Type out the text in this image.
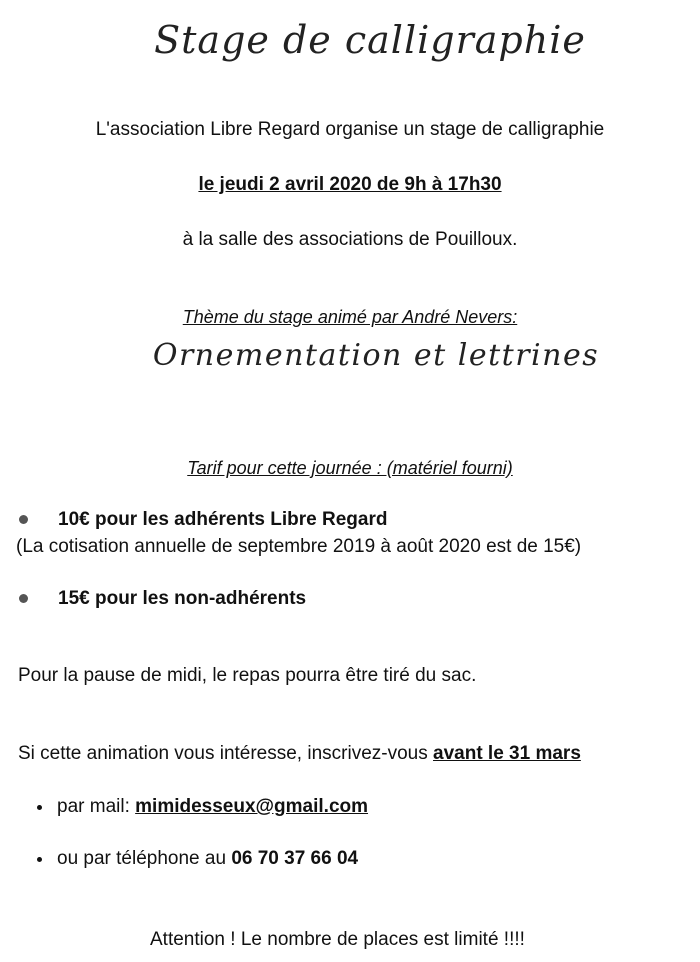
Stage de calligraphie
L'association Libre Regard organise un stage de calligraphie
le jeudi 2 avril 2020 de 9h à 17h30
à la salle des associations de Pouilloux.
Thème du stage animé par André Nevers:
Ornementation et lettrines
Tarif pour cette journée : (matériel fourni)
10€ pour les adhérents Libre Regard
(La cotisation annuelle de septembre 2019 à août 2020 est de 15€)
15€ pour les non-adhérents
Pour la pause de midi, le repas pourra être tiré du sac.
Si cette animation vous intéresse, inscrivez-vous avant le 31 mars
par mail: mimidesseux@gmail.com
ou par téléphone au 06 70 37 66 04
Attention ! Le nombre de places est limité !!!!
